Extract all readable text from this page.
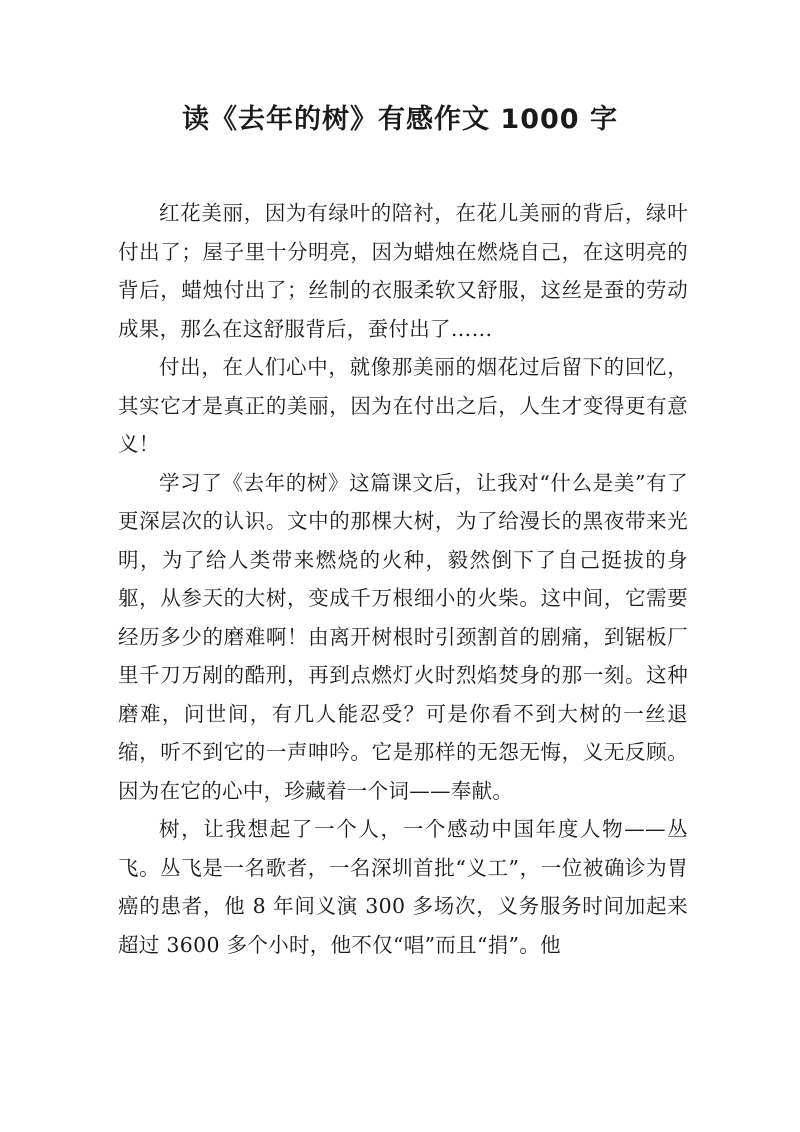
读《去年的树》有感作文 1000 字

红花美丽，因为有绿叶的陪衬，在花儿美丽的背后，绿叶付出了；屋子里十分明亮，因为蜡烛在燃烧自己，在这明亮的背后，蜡烛付出了；丝制的衣服柔软又舒服，这丝是蚕的劳动成果，那么在这舒服背后，蚕付出了……

付出，在人们心中，就像那美丽的烟花过后留下的回忆，其实它才是真正的美丽，因为在付出之后，人生才变得更有意义！

学习了《去年的树》这篇课文后，让我对“什么是美”有了更深层次的认识。文中的那棵大树，为了给漫长的黑夜带来光明，为了给人类带来燃烧的火种，毅然倒下了自己挺拔的身躯，从参天的大树，变成千万根细小的火柴。这中间，它需要经历多少的磨难啊！由离开树根时引颈割首的剧痛，到锯板厂里千刀万剐的酷刑，再到点燃灯火时烈焰焚身的那一刻。这种磨难，问世间，有几人能忍受？可是你看不到大树的一丝退缩，听不到它的一声呻吟。它是那样的无怨无悔，义无反顾。因为在它的心中，珍藏着一个词——奉献。

树，让我想起了一个人，一个感动中国年度人物——丛飞。丛飞是一名歌者，一名深圳首批“义工”，一位被确诊为胃癌的患者，他 8 年间义演 300 多场次，义务服务时间加起来超过 3600 多个小时，他不仅“唱”而且“捐”。他
